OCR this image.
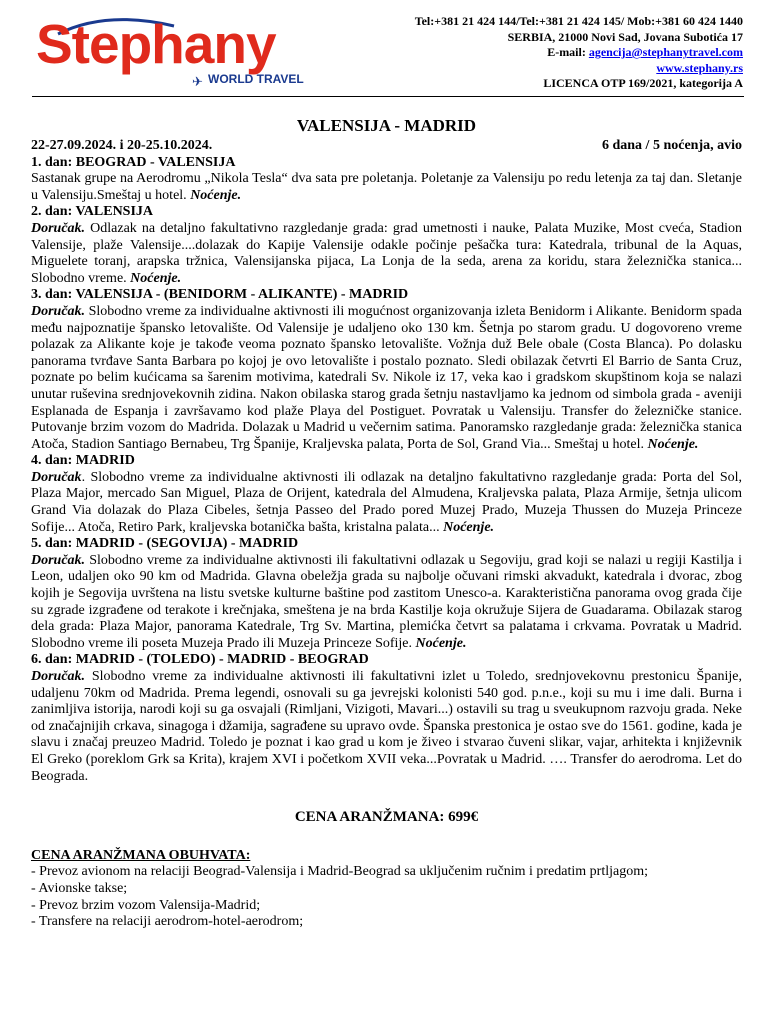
Stephany
✈ WORLD TRAVEL
Tel:+381 21 424 144/Tel:+381 21 424 145/ Mob:+381 60 424 1440
SERBIA, 21000 Novi Sad, Jovana Subotića 17
E-mail: agencija@stephanytravel.com
www.stephany.rs
LICENCA OTP 169/2021, kategorija A
VALENSIJA - MADRID
22-27.09.2024. i 20-25.10.2024.	6 dana / 5 noćenja, avio
1. dan: BEOGRAD - VALENSIJA

Sastanak grupe na Aerodromu „Nikola Tesla“ dva sata pre poletanja. Poletanje za Valensiju po redu letenja za taj dan. Sletanje u Valensiju.Smeštaj u hotel. Noćenje.

2. dan: VALENSIJA

Doručak. Odlazak na detaljno fakultativno razgledanje grada: grad umetnosti i nauke, Palata Muzike, Most cveća, Stadion Valensije, plaže Valensije....dolazak do Kapije Valensije odakle počinje pešačka tura: Katedrala, tribunal de la Aquas, Miguelete toranj, arapska tržnica, Valensijanska pijaca, La Lonja de la seda, arena za koridu, stara železnička stanica... Slobodno vreme. Noćenje.

3. dan: VALENSIJA - (BENIDORM - ALIKANTE) - MADRID

Doručak. Slobodno vreme za individualne aktivnosti ili mogućnost organizovanja izleta Benidorm i Alikante. Benidorm spada među najpoznatije špansko letovalište. Od Valensije je udaljeno oko 130 km. Šetnja po starom gradu. U dogovoreno vreme polazak za Alikante koje je takođe veoma poznato špansko letovalište. Vožnja duž Bele obale (Costa Blanca). Po dolasku panorama tvrđave Santa Barbara po kojoj je ovo letovalište i postalo poznato. Sledi obilazak četvrti El Barrio de Santa Cruz, poznate po belim kućicama sa šarenim motivima, katedrali Sv. Nikole iz 17, veka kao i gradskom skupštinom koja se nalazi unutar ruševina srednjovekovnih zidina. Nakon obilaska starog grada šetnju nastavljamo ka jednom od simbola grada - aveniji Esplanada de Espanja i završavamo kod plaže Playa del Postiguet. Povratak u Valensiju. Transfer do železničke stanice. Putovanje brzim vozom do Madrida. Dolazak u Madrid u večernim satima. Panoramsko razgledanje grada: železnička stanica Atoča, Stadion Santiago Bernabeu, Trg Španije, Kraljevska palata, Porta de Sol, Grand Via... Smeštaj u hotel. Noćenje.

4. dan: MADRID

Doručak. Slobodno vreme za individualne aktivnosti ili odlazak na detaljno fakultativno razgledanje grada: Porta del Sol, Plaza Major, mercado San Miguel, Plaza de Orijent, katedrala del Almudena, Kraljevska palata, Plaza Armije, šetnja ulicom Grand Via dolazak do Plaza Cibeles, šetnja Passeo del Prado pored Muzej Prado, Muzeja Thussen do Muzeja Princeze Sofije... Atoča, Retiro Park, kraljevska botanička bašta, kristalna palata... Noćenje.

5. dan: MADRID - (SEGOVIJA) - MADRID

Doručak. Slobodno vreme za individualne aktivnosti ili fakultativni odlazak u Segoviju, grad koji se nalazi u regiji Kastilja i Leon, udaljen oko 90 km od Madrida. Glavna obeležja grada su najbolje očuvani rimski akvadukt, katedrala i dvorac, zbog kojih je Segovija uvrštena na listu svetske kulturne baštine pod zastitom Unesco-a. Karakteristična panorama ovog grada čije su zgrade izgrađene od terakote i krečnjaka, smeštena je na brda Kastilje koja okružuje Sijera de Guadarama. Obilazak starog dela grada: Plaza Major, panorama Katedrale, Trg Sv. Martina, plemićka četvrt sa palatama i crkvama. Povratak u Madrid. Slobodno vreme ili poseta Muzeja Prado ili Muzeja Princeze Sofije. Noćenje.

6. dan: MADRID - (TOLEDO) - MADRID - BEOGRAD

Doručak. Slobodno vreme za individualne aktivnosti ili fakultativni izlet u Toledo, srednjovekovnu prestonicu Španije, udaljenu 70km od Madrida. Prema legendi, osnovali su ga jevrejski kolonisti 540 god. p.n.e., koji su mu i ime dali. Burna i zanimljiva istorija, narodi koji su ga osvajali (Rimljani, Vizigoti, Mavari...) ostavili su trag u sveukupnom razvoju grada. Neke od značajnijih crkava, sinagoga i džamija, sagrađene su upravo ovde. Španska prestonica je ostao sve do 1561. godine, kada je slavu i značaj preuzeo Madrid. Toledo je poznat i kao grad u kom je živeo i stvarao čuveni slikar, vajar, arhitekta i književnik El Greko (poreklom Grk sa Krita), krajem XVI i početkom XVII veka...Povratak u Madrid. …. Transfer do aerodroma. Let do Beograda.

CENA ARANŽMANA: 699€
CENA ARANŽMANA OBUHVATA:
- Prevoz avionom na relaciji Beograd-Valensija i Madrid-Beograd sa uključenim ručnim i predatim prtljagom;
- Avionske takse;
- Prevoz brzim vozom Valensija-Madrid;
- Transfere na relaciji aerodrom-hotel-aerodrom;
